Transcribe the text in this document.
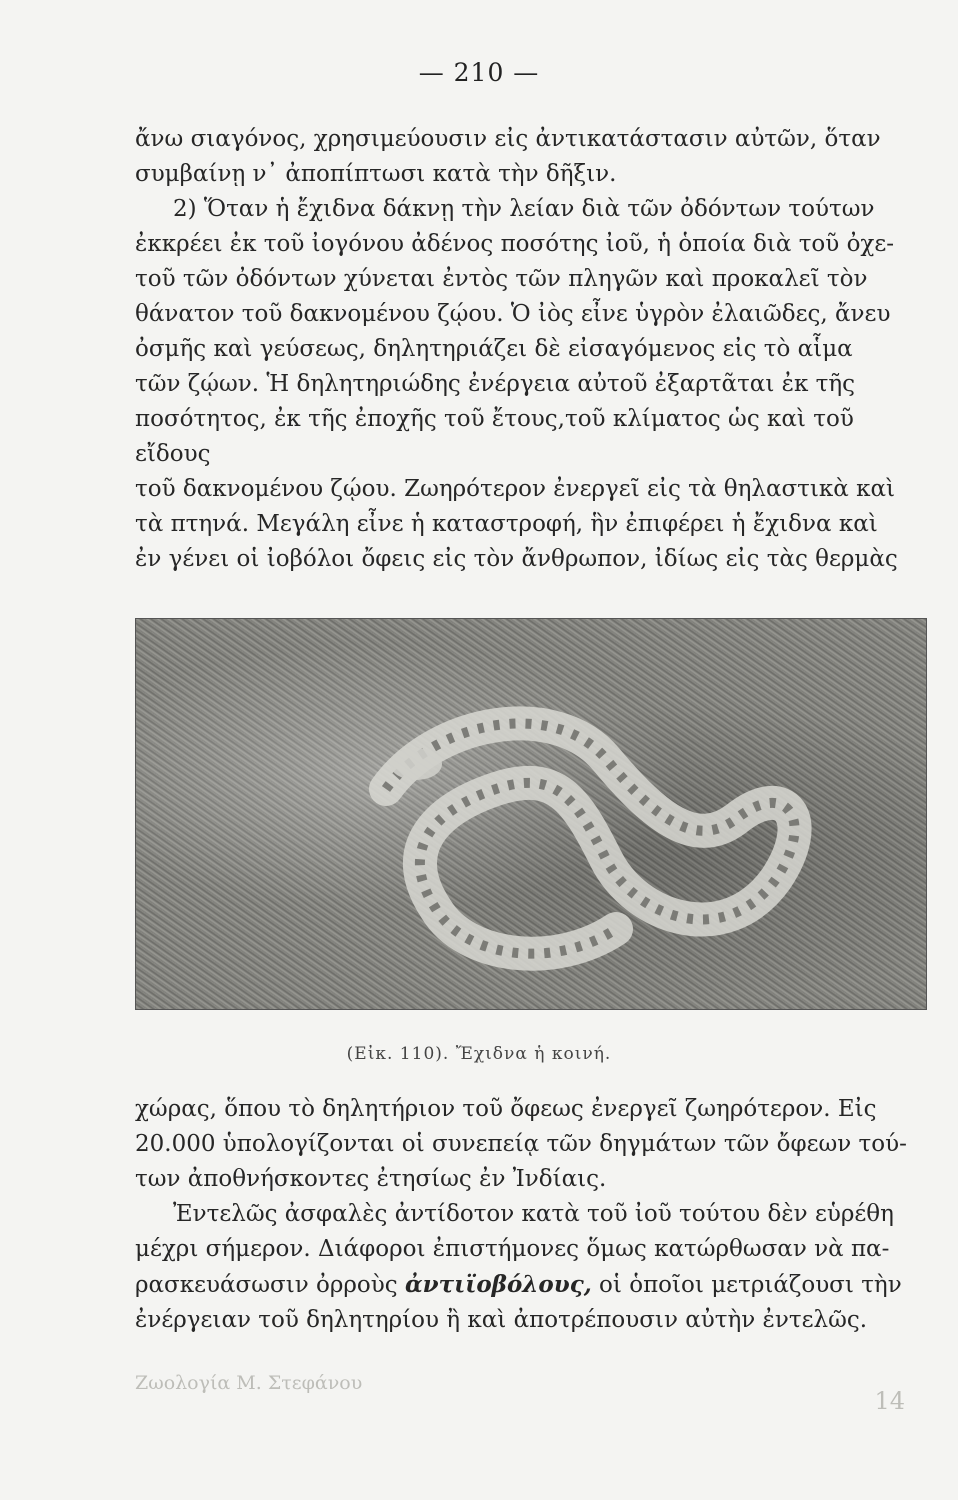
— 210 —

ἄνω σιαγόνος, χρησιμεύουσιν εἰς ἀντικατάστασιν αὐτῶν, ὅταν

συμβαίνῃ ν᾽ ἀποπίπτωσι κατὰ τὴν δῆξιν.

2) Ὅταν ἡ ἔχιδνα δάκνῃ τὴν λείαν διὰ τῶν ὀδόντων τούτων

ἐκκρέει ἐκ τοῦ ἰογόνου ἀδένος ποσότης ἰοῦ, ἡ ὁποία διὰ τοῦ ὀχε-

τοῦ τῶν ὀδόντων χύνεται ἐντὸς τῶν πληγῶν καὶ προκαλεῖ τὸν

θάνατον τοῦ δακνομένου ζῴου. Ὁ ἰὸς εἶνε ὑγρὸν ἐλαιῶδες, ἄνευ

ὀσμῆς καὶ γεύσεως, δηλητηριάζει δὲ εἰσαγόμενος εἰς τὸ αἷμα

τῶν ζῴων. Ἡ δηλητηριώδης ἐνέργεια αὐτοῦ ἐξαρτᾶται ἐκ τῆς

ποσότητος, ἐκ τῆς ἐποχῆς τοῦ ἔτους,τοῦ κλίματος ὡς καὶ τοῦ εἴδους

τοῦ δακνομένου ζῴου. Ζωηρότερον ἐνεργεῖ εἰς τὰ θηλαστικὰ καὶ

τὰ πτηνά. Μεγάλη εἶνε ἡ καταστροφή, ἣν ἐπιφέρει ἡ ἔχιδνα καὶ

ἐν γένει οἱ ἰοβόλοι ὄφεις εἰς τὸν ἄνθρωπον, ἰδίως εἰς τὰς θερμὰς

(Εἰκ. 110). Ἔχιδνα ἡ κοινή.

χώρας, ὅπου τὸ δηλητήριον τοῦ ὄφεως ἐνεργεῖ ζωηρότερον. Εἰς

20.000 ὑπολογίζονται οἱ συνεπείᾳ τῶν δηγμάτων τῶν ὄφεων τού-

των ἀποθνήσκοντες ἐτησίως ἐν Ἰνδίαις.

Ἐντελῶς ἀσφαλὲς ἀντίδοτον κατὰ τοῦ ἰοῦ τούτου δὲν εὑρέθη

μέχρι σήμερον. Διάφοροι ἐπιστήμονες ὅμως κατώρθωσαν νὰ πα-

ρασκευάσωσιν ὀρροὺς ἀντιϊοβόλους, οἱ ὁποῖοι μετριάζουσι τὴν

ἐνέργειαν τοῦ δηλητηρίου ἢ καὶ ἀποτρέπουσιν αὐτὴν ἐντελῶς.

Ζωολογία Μ. Στεφάνου
14
